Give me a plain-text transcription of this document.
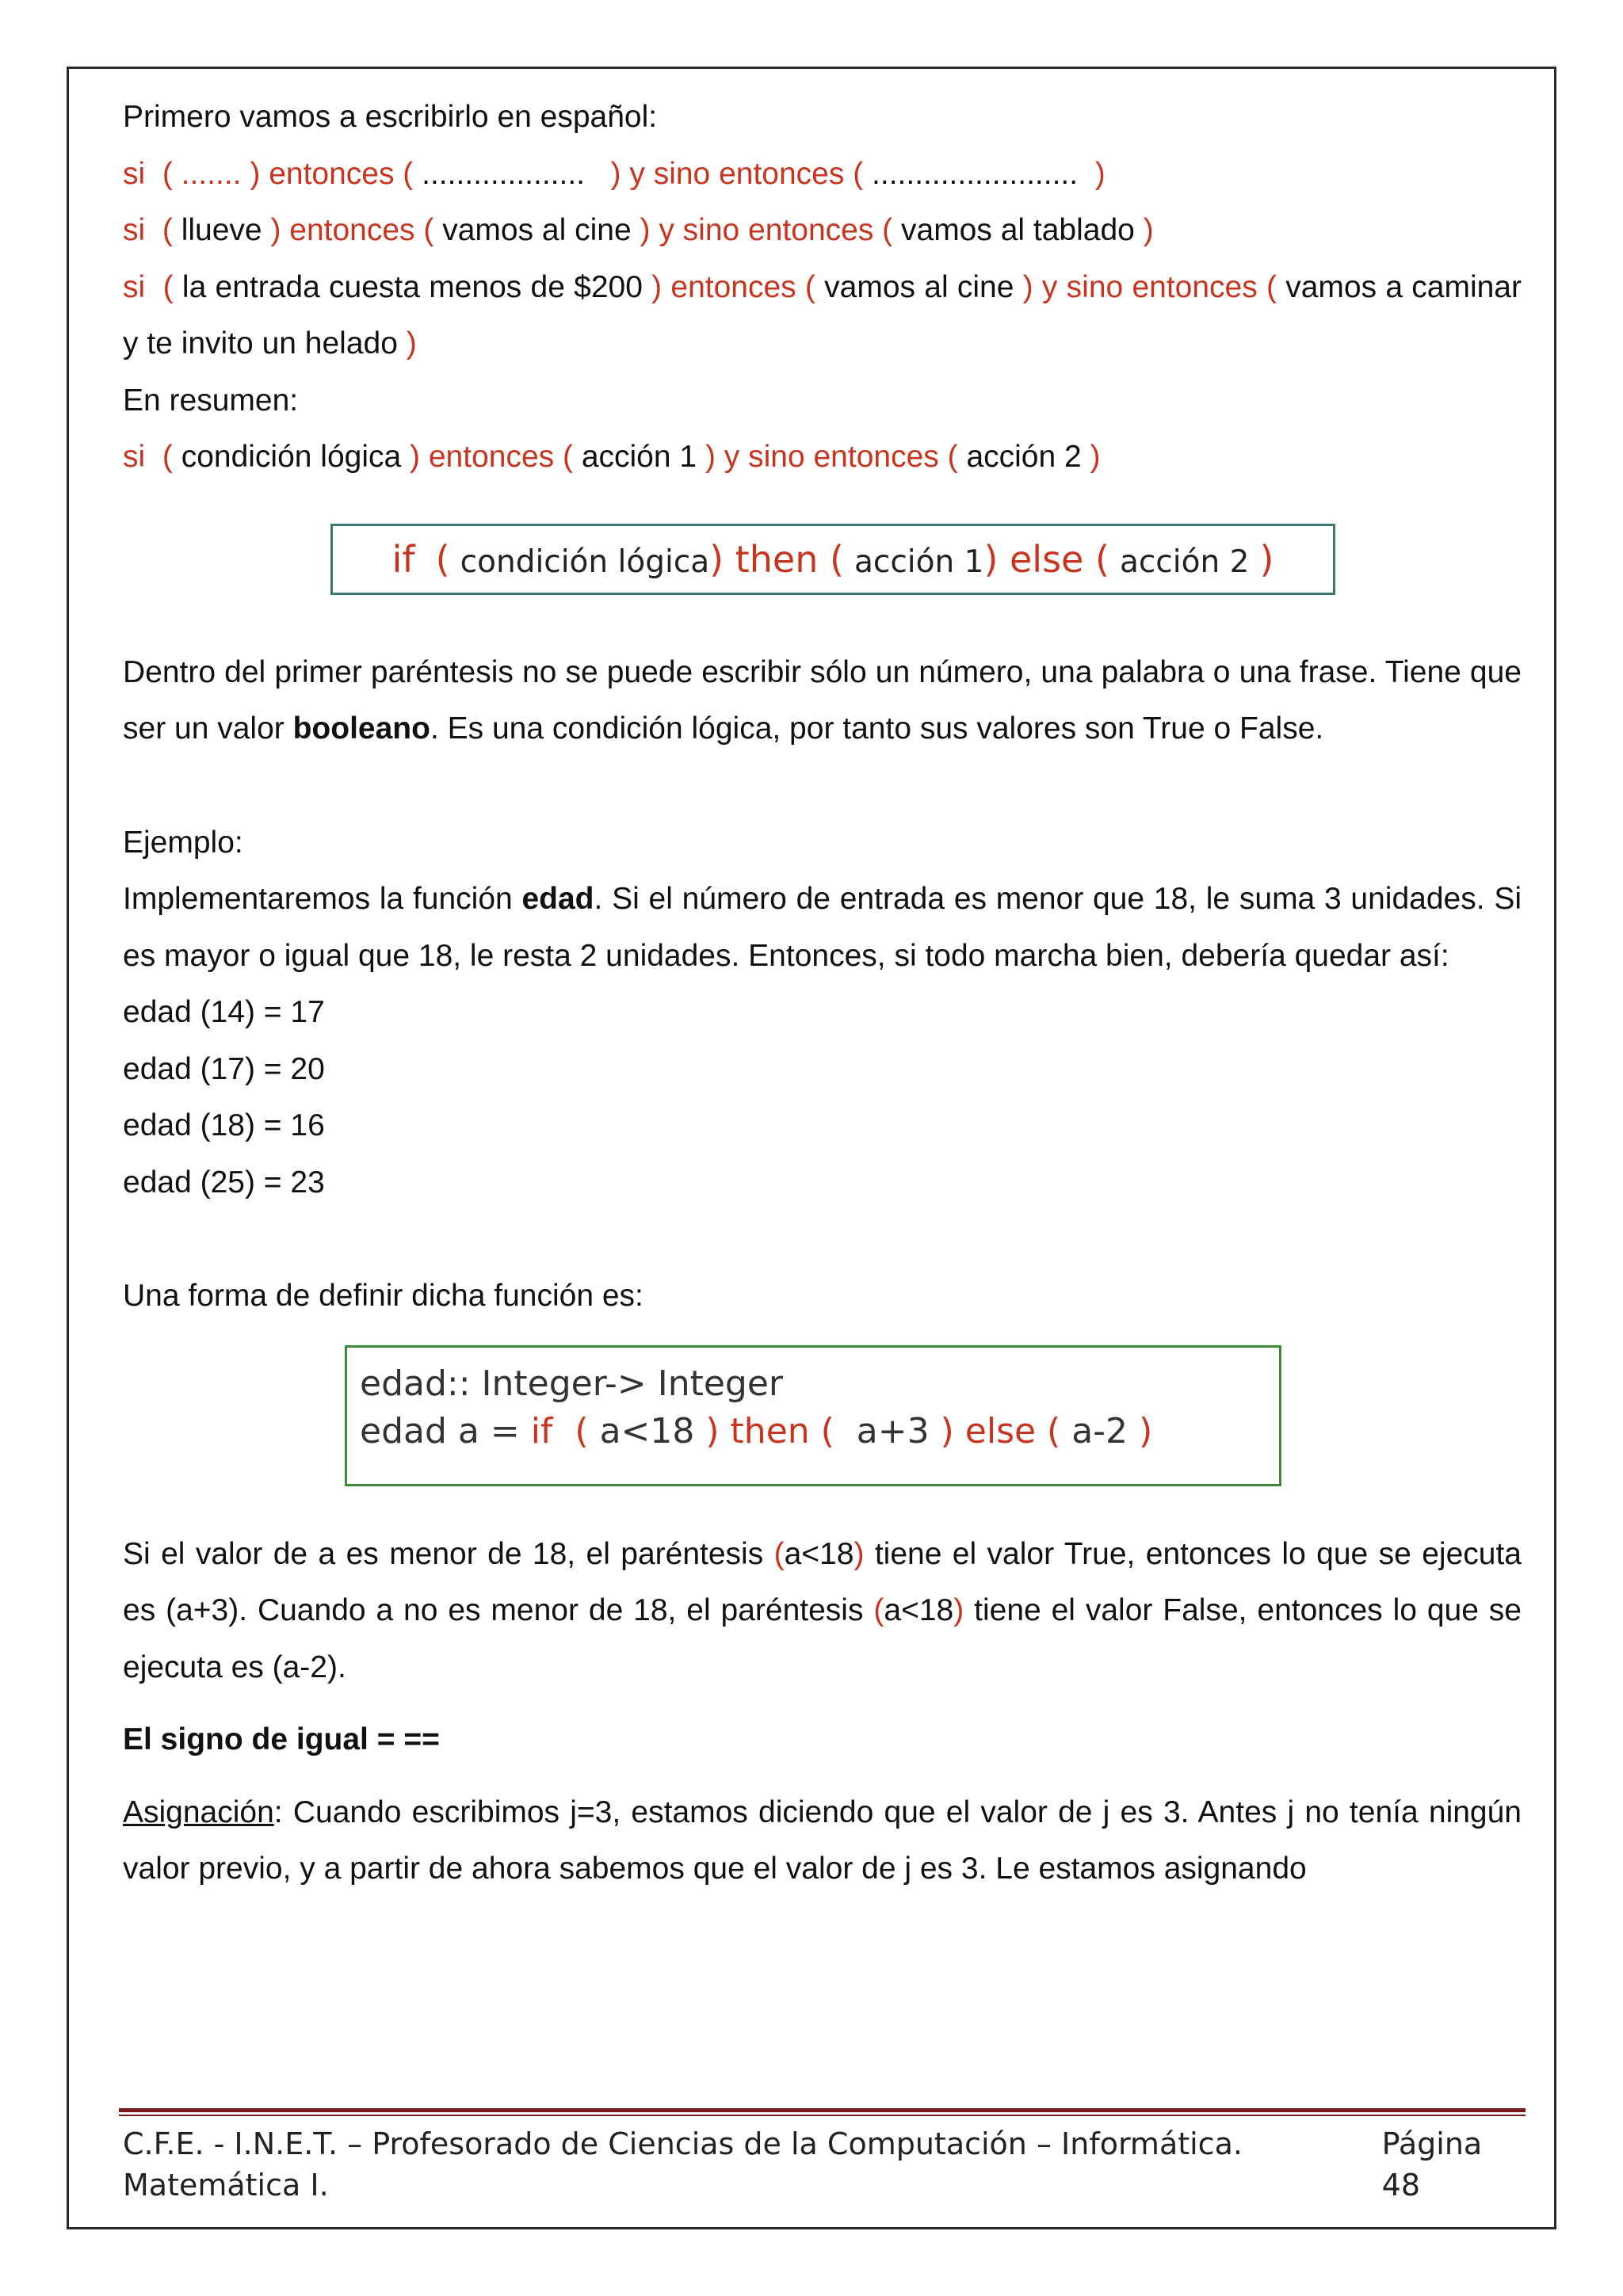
Primero vamos a escribirlo en español:

si ( ....... ) entonces ( ................... ) y sino entonces ( ........................ )

si ( llueve ) entonces ( vamos al cine ) y sino entonces ( vamos al tablado )

si ( la entrada cuesta menos de $200 ) entonces ( vamos al cine ) y sino entonces ( vamos a caminar y te invito un helado )

En resumen:

si ( condición lógica ) entonces ( acción 1 ) y sino entonces ( acción 2 )

if ( condición lógica) then ( acción 1) else ( acción 2 )

Dentro del primer paréntesis no se puede escribir sólo un número, una palabra o una frase. Tiene que ser un valor booleano. Es una condición lógica, por tanto sus valores son True o False.

Ejemplo:

Implementaremos la función edad. Si el número de entrada es menor que 18, le suma 3 unidades. Si es mayor o igual que 18, le resta 2 unidades. Entonces, si todo marcha bien, debería quedar así:

edad (14) = 17

edad (17) = 20

edad (18) = 16

edad (25) = 23

Una forma de definir dicha función es:

edad:: Integer-> Integer
edad a = if ( a<18 ) then ( a+3 ) else ( a-2 )

Si el valor de a es menor de 18, el paréntesis (a<18) tiene el valor True, entonces lo que se ejecuta es (a+3). Cuando a no es menor de 18, el paréntesis (a<18) tiene el valor False, entonces lo que se ejecuta es (a-2).

El signo de igual = ==

Asignación: Cuando escribimos j=3, estamos diciendo que el valor de j es 3. Antes j no tenía ningún valor previo, y a partir de ahora sabemos que el valor de j es 3. Le estamos asignando

C.F.E. - I.N.E.T. – Profesorado de Ciencias de la Computación – Informática. Matemática I.
Página 48
